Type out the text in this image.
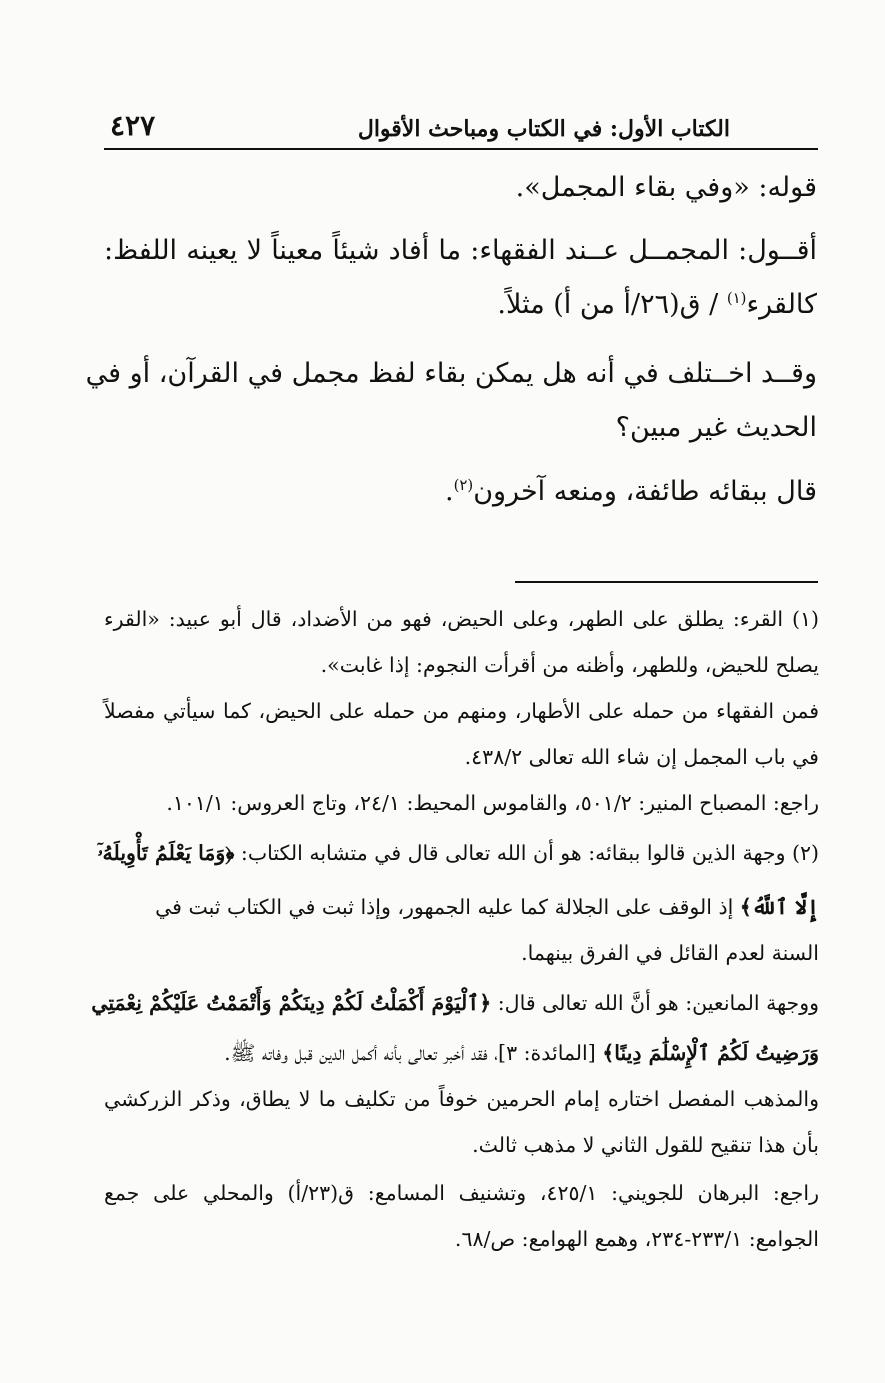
الكتاب الأول: في الكتاب ومباحث الأقوال
٤٢٧
قوله: «وفي بقاء المجمل».
أقــول: المجمــل عــند الفقهاء: ما أفاد شيئاً معيناً لا يعينه اللفظ:
كالقرء$^{(١)}$ / ق(٢٦/أ من أ) مثلاً.
وقــد اخــتلف في أنه هل يمكن بقاء لفظ مجمل في القرآن، أو في
الحديث غير مبين؟
قال ببقائه طائفة، ومنعه آخرون$^{(٢)}$.
(١) القرء: يطلق على الطهر، وعلى الحيض، فهو من الأضداد، قال أبو عبيد: «القرء
يصلح للحيض، وللطهر، وأظنه من أقرأت النجوم: إذا غابت».
فمن الفقهاء من حمله على الأطهار، ومنهم من حمله على الحيض، كما سيأتي مفصلاً
في باب المجمل إن شاء الله تعالى ٤٣٨/٢.
راجع: المصباح المنير: ٥٠١/٢، والقاموس المحيط: ٢٤/١، وتاج العروس: ١٠١/١.
(٢) وجهة الذين قالوا ببقائه: هو أن الله تعالى قال في متشابه الكتاب: ﴿وَمَا يَعْلَمُ تَأْوِيلَهُۥٓ
إِلَّا ٱللَّهُ﴾ إذ الوقف على الجلالة كما عليه الجمهور، وإذا ثبت في الكتاب ثبت في
السنة لعدم القائل في الفرق بينهما.
ووجهة المانعين: هو أنَّ الله تعالى قال: ﴿ٱلْيَوْمَ أَكْمَلْتُ لَكُمْ دِينَكُمْ وَأَتْمَمْتُ عَلَيْكُمْ نِعْمَتِي
وَرَضِيتُ لَكُمُ ٱلْإِسْلَٰمَ دِينًا﴾ [المائدة: ٣]، فقد أخبر تعالى بأنه أكمل الدين قبل وفاته ﷺ.
والمذهب المفصل اختاره إمام الحرمين خوفاً من تكليف ما لا يطاق، وذكر الزركشي
بأن هذا تنقيح للقول الثاني لا مذهب ثالث.
راجع: البرهان للجويني: ٤٢٥/١، وتشنيف المسامع: ق(٢٣/أ) والمحلي على جمع
الجوامع: ٢٣٣/١-٢٣٤، وهمع الهوامع: ص/٦٨.
